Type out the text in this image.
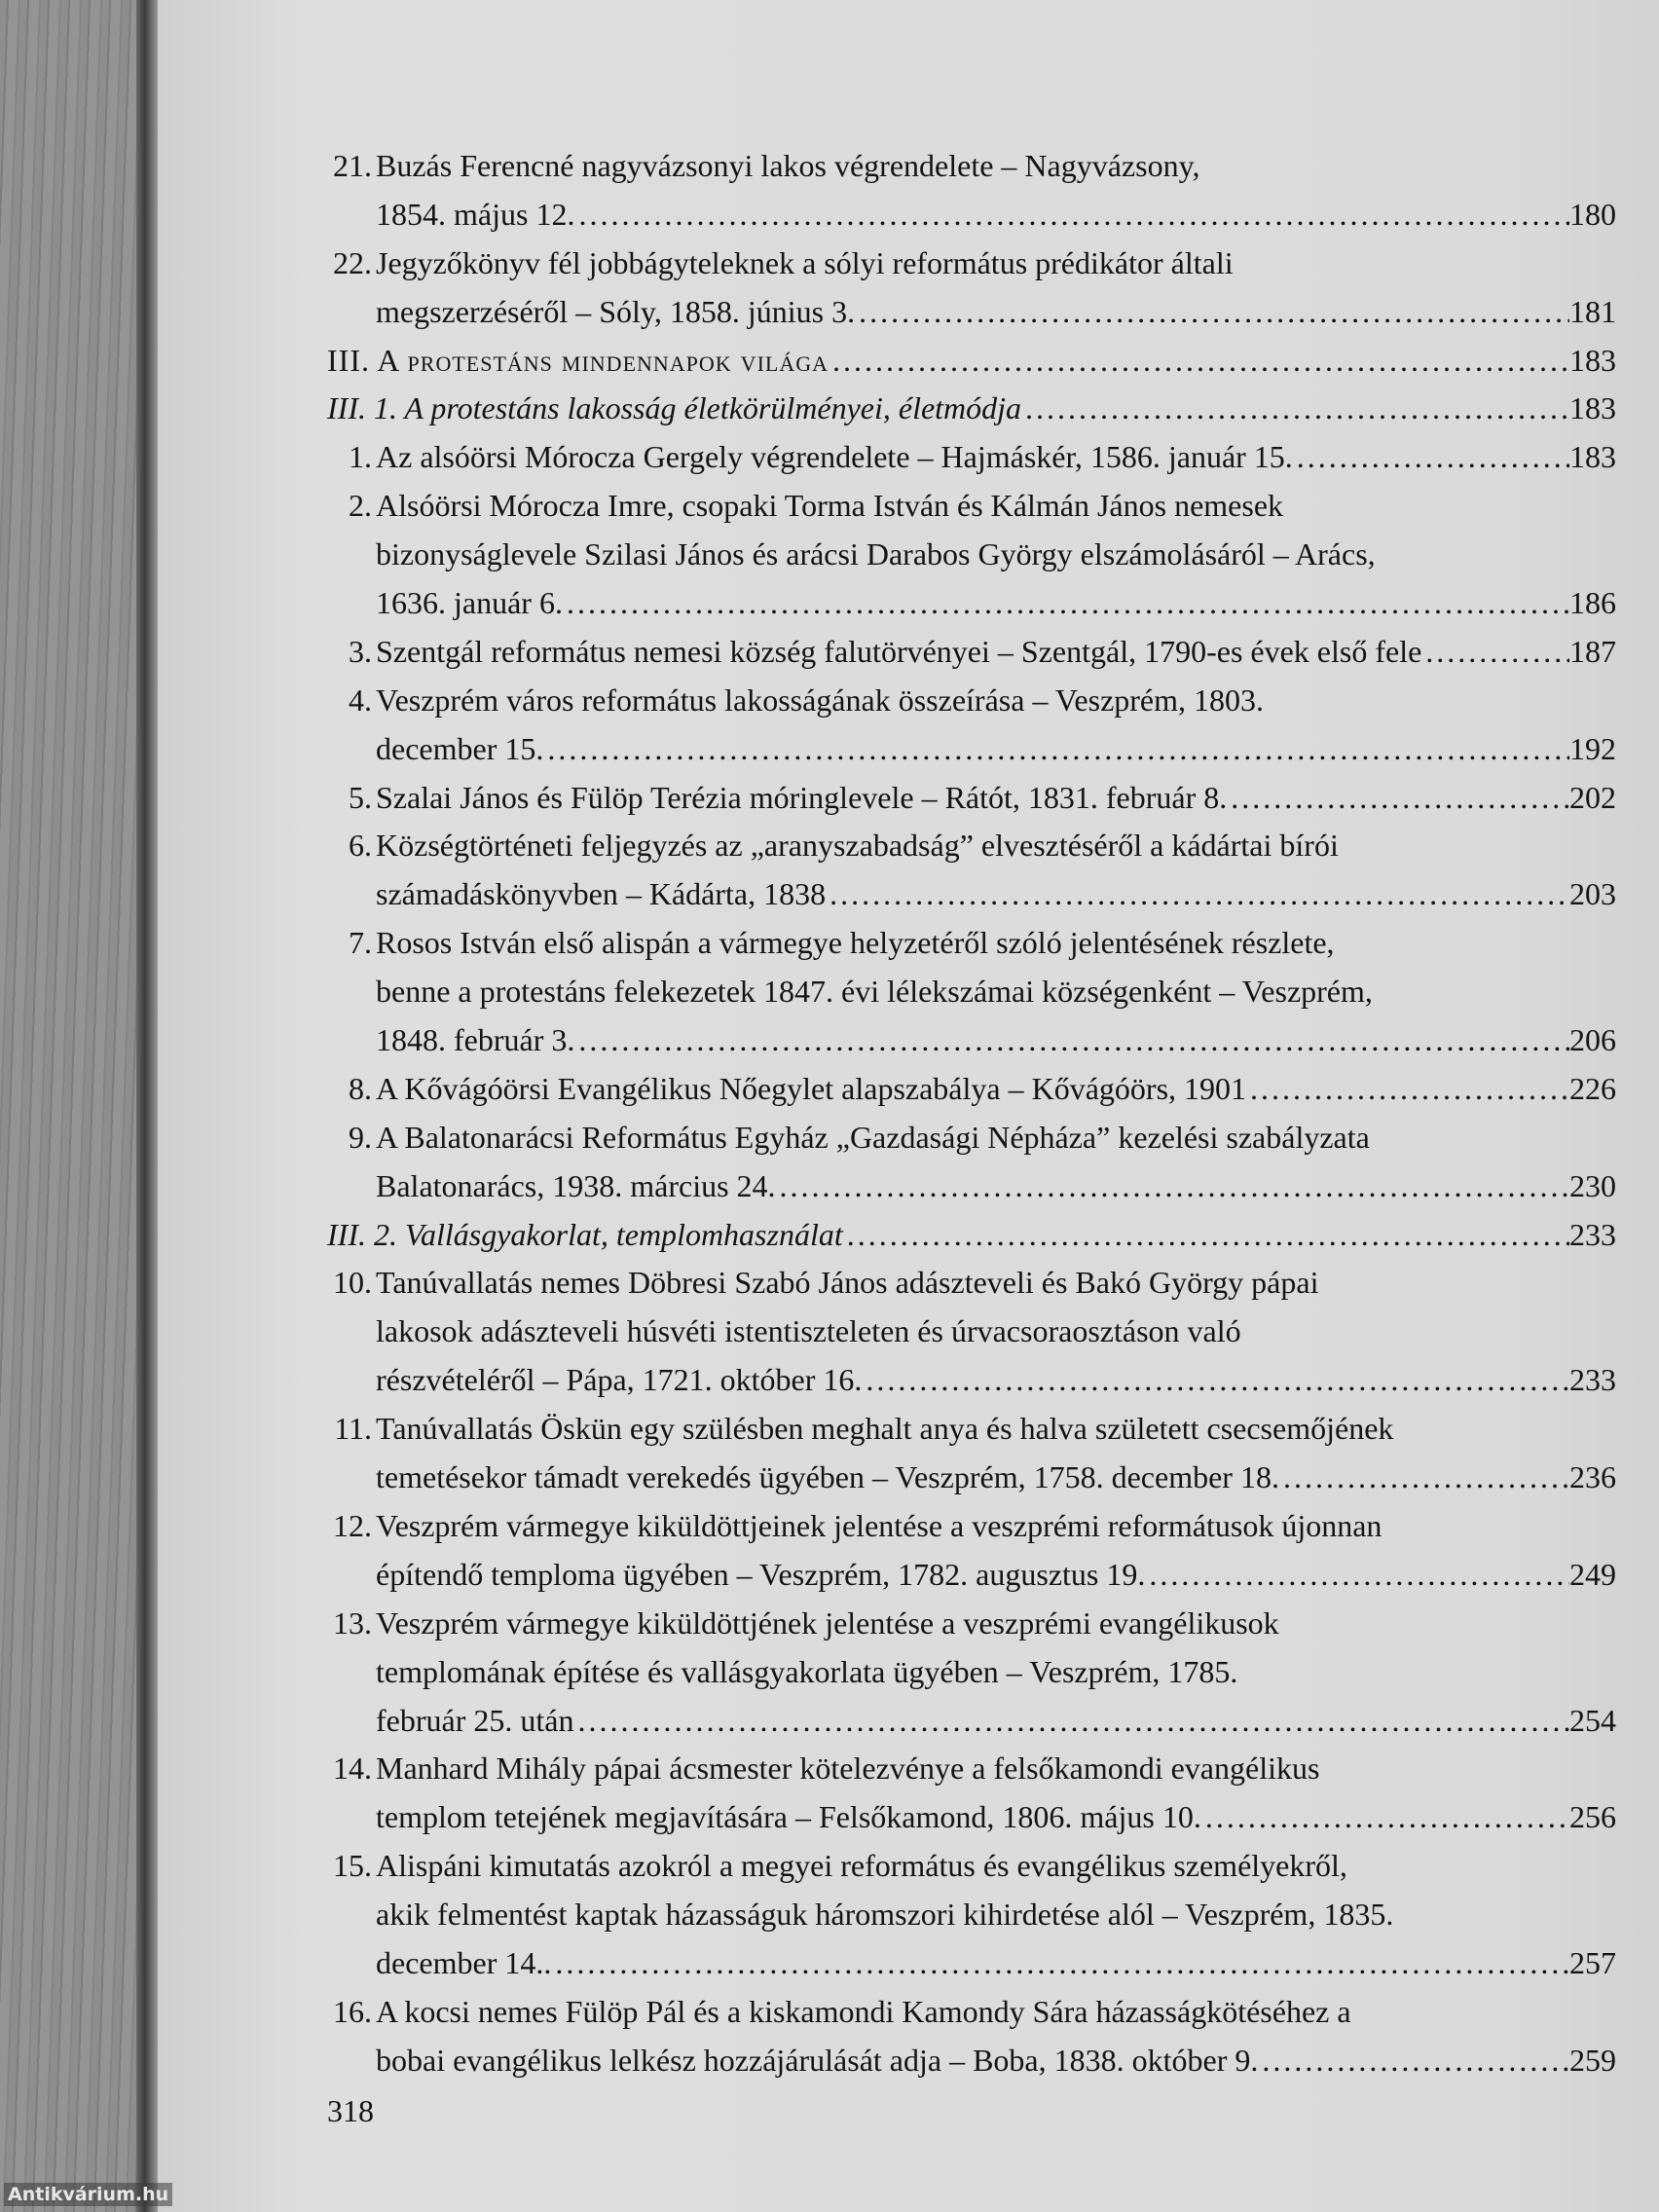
21. Buzás Ferencné nagyvázsonyi lakos végrendelete – Nagyvázsony,
1854. május 12. .....	180
22. Jegyzőkönyv fél jobbágyteleknek a sólyi református prédikátor általi
megszerzéséről – Sóly, 1858. június 3. .....	181
III. A protestáns mindennapok világa .....	183
III. 1. A protestáns lakosság életkörülményei, életmódja .....	183
1. Az alsóörsi Mórocza Gergely végrendelete – Hajmáskér, 1586. január 15. .....	183
2. Alsóörsi Mórocza Imre, csopaki Torma István és Kálmán János nemesek
bizonyságlevele Szilasi János és arácsi Darabos György elszámolásáról – Arács,
1636. január 6. .....	186
3. Szentgál református nemesi község falutörvényei – Szentgál, 1790-es évek első fele .....	187
4. Veszprém város református lakosságának összeírása – Veszprém, 1803.
december 15. .....	192
5. Szalai János és Fülöp Terézia móringlevele – Rátót, 1831. február 8. .....	202
6. Községtörténeti feljegyzés az „aranyszabadság” elvesztéséről a kádártai bírói
számadáskönyvben – Kádárta, 1838 .....	203
7. Rosos István első alispán a vármegye helyzetéről szóló jelentésének részlete,
benne a protestáns felekezetek 1847. évi lélekszámai községenként – Veszprém,
1848. február 3. .....	206
8. A Kővágóörsi Evangélikus Nőegylet alapszabálya – Kővágóörs, 1901 .....	226
9. A Balatonarácsi Református Egyház „Gazdasági Népháza” kezelési szabályzata
Balatonarács, 1938. március 24. .....	230
III. 2. Vallásgyakorlat, templomhasználat .....	233
10. Tanúvallatás nemes Döbresi Szabó János adászteveli és Bakó György pápai
lakosok adászteveli húsvéti istentiszteleten és úrvacsoraosztáson való
részvételéről – Pápa, 1721. október 16. .....	233
11. Tanúvallatás Öskün egy szülésben meghalt anya és halva született csecsemőjének
temetésekor támadt verekedés ügyében – Veszprém, 1758. december 18. .....	236
12. Veszprém vármegye kiküldöttjeinek jelentése a veszprémi reformátusok újonnan
építendő temploma ügyében – Veszprém, 1782. augusztus 19. .....	249
13. Veszprém vármegye kiküldöttjének jelentése a veszprémi evangélikusok
templomának építése és vallásgyakorlata ügyében – Veszprém, 1785.
február 25. után .....	254
14. Manhard Mihály pápai ácsmester kötelezvénye a felsőkamondi evangélikus
templom tetejének megjavítására – Felsőkamond, 1806. május 10. .....	256
15. Alispáni kimutatás azokról a megyei református és evangélikus személyekről,
akik felmentést kaptak házasságuk háromszori kihirdetése alól – Veszprém, 1835.
december 14.. .....	257
16. A kocsi nemes Fülöp Pál és a kiskamondi Kamondy Sára házasságkötéséhez a
bobai evangélikus lelkész hozzájárulását adja – Boba, 1838. október 9. .....	259
318
Antikvárium.hu
